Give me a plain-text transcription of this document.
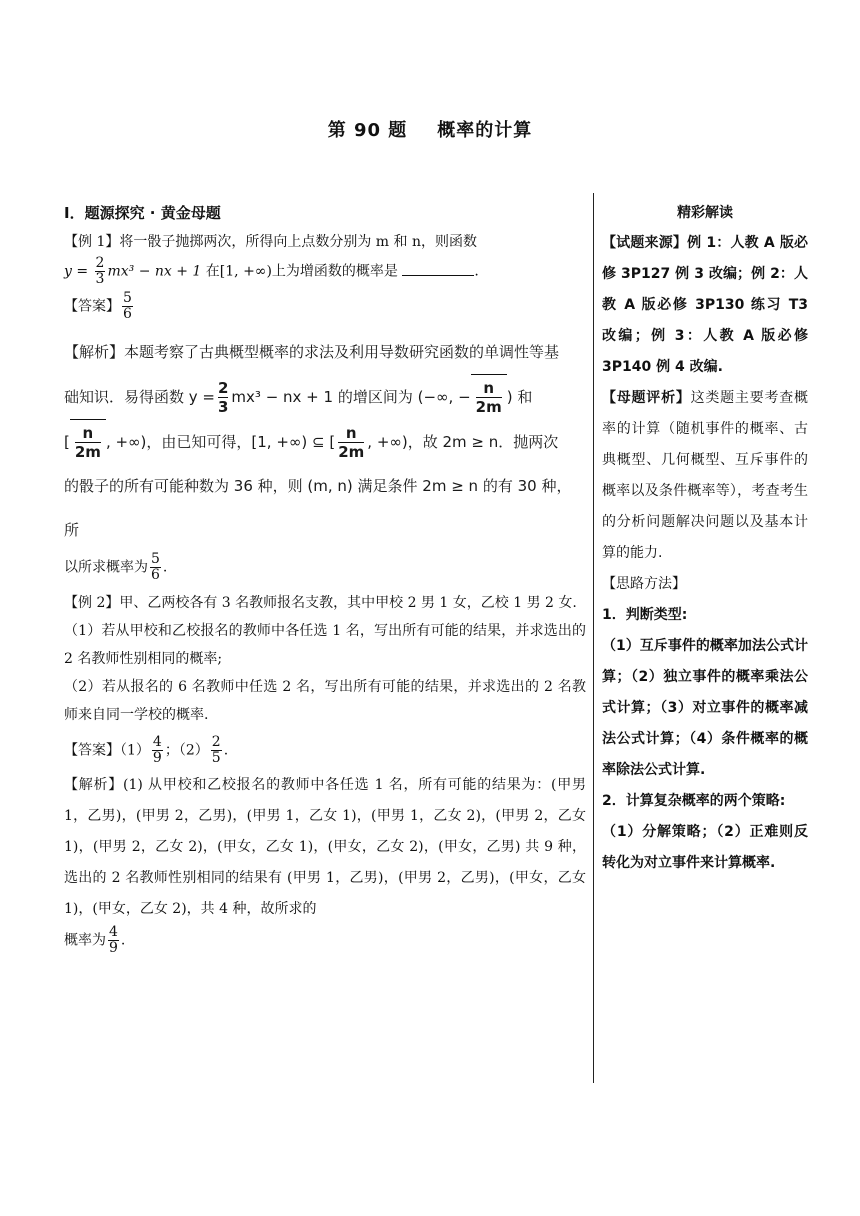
第 90 题 概率的计算
I．题源探究 · 黄金母题

【例 1】将一骰子抛掷两次，所得向上点数分别为 m 和 n，则函数

$y = \frac{2}{3} mx^3$ − nx + 1 在[1, +∞)上为增函数的概率是	.
【答案】 $\frac{5}{6}$
【解析】本题考察了古典概型概率的求法及利用导数研究函数的单调性等基
础知识．易得函数 $y = \frac{2}{3} mx^3$ − nx + 1 的增区间为 (−∞, − $\frac{n}{2m}$ ) 和
[ $\frac{n}{2m}$ , +∞)，由已知可得，[1, +∞) ⊆ [ $\frac{n}{2m}$ , +∞)，故 2m ≥ n．抛两次
的骰子的所有可能种数为 36 种，则 (m, n) 满足条件 2m ≥ n 的有 30 种，所
以所求概率为 $\frac{5}{6}$ .

【例 2】甲、乙两校各有 3 名教师报名支教，其中甲校 2 男 1 女，乙校 1 男 2 女.

（1）若从甲校和乙校报名的教师中各任选 1 名，写出所有可能的结果，并求选出的 2 名教师性别相同的概率;

（2）若从报名的 6 名教师中任选 2 名，写出所有可能的结果，并求选出的 2 名教师来自同一学校的概率.

【答案】$(1) \frac{4}{9}$ ；$(2) \frac{2}{5}$ .

【解析】(1) 从甲校和乙校报名的教师中各任选 1 名，所有可能的结果为：(甲男 1，乙男)，(甲男 2，乙男)，(甲男 1，乙女 1)，(甲男 1，乙女 2)，(甲男 2，乙女 1)，(甲男 2，乙女 2)，(甲女，乙女 1)，(甲女，乙女 2)，(甲女，乙男) 共 9 种，选出的 2 名教师性别相同的结果有 (甲男 1，乙男)，(甲男 2，乙男)，(甲女，乙女 1)，(甲女，乙女 2)，共 4 种，故所求的

概率为 $\frac{4}{9}$ .
精彩解读

【试题来源】例 1：人教 A 版必修 3P127 例 3 改编；例 2：人教 A 版必修 3P130 练习 T3 改编；例 3：人教 A 版必修 3P140 例 4 改编.

【母题评析】这类题主要考查概率的计算（随机事件的概率、古典概型、几何概型、互斥事件的概率以及条件概率等），考查考生的分析问题解决问题以及基本计算的能力.

【思路方法】

1．判断类型:

（1）互斥事件的概率加法公式计算；（2）独立事件的概率乘法公式计算；（3）对立事件的概率减法公式计算；（4）条件概率的概率除法公式计算.

2．计算复杂概率的两个策略:

（1）分解策略；（2）正难则反转化为对立事件来计算概率.
